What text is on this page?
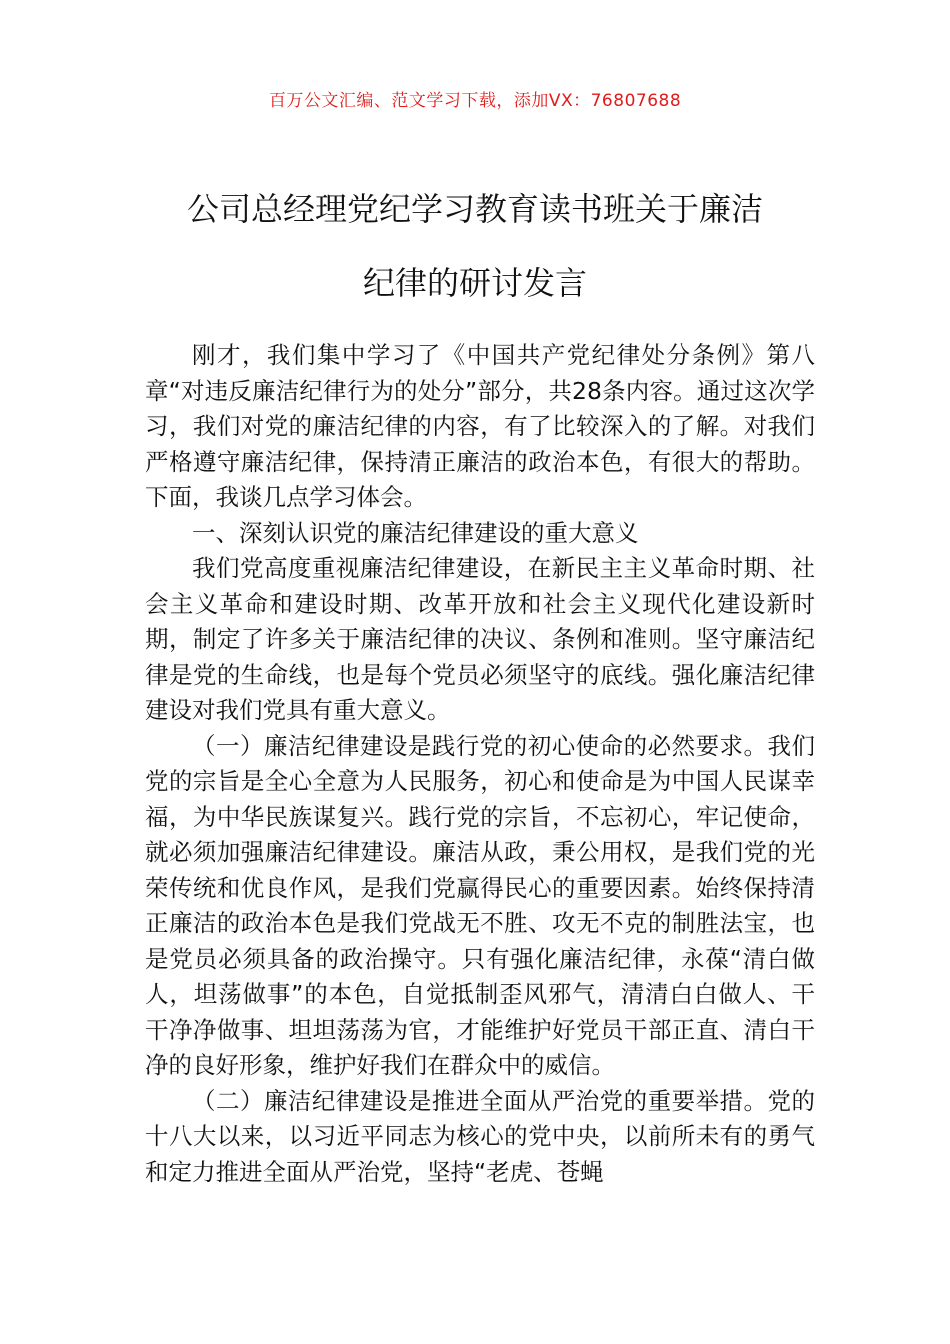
百万公文汇编、范文学习下载，添加VX：76807688
公司总经理党纪学习教育读书班关于廉洁
纪律的研讨发言

刚才，我们集中学习了《中国共产党纪律处分条例》第八章“对违反廉洁纪律行为的处分”部分，共28条内容。通过这次学习，我们对党的廉洁纪律的内容，有了比较深入的了解。对我们严格遵守廉洁纪律，保持清正廉洁的政治本色，有很大的帮助。下面，我谈几点学习体会。

一、深刻认识党的廉洁纪律建设的重大意义

我们党高度重视廉洁纪律建设，在新民主主义革命时期、社会主义革命和建设时期、改革开放和社会主义现代化建设新时期，制定了许多关于廉洁纪律的决议、条例和准则。坚守廉洁纪律是党的生命线，也是每个党员必须坚守的底线。强化廉洁纪律建设对我们党具有重大意义。

（一）廉洁纪律建设是践行党的初心使命的必然要求。我们党的宗旨是全心全意为人民服务，初心和使命是为中国人民谋幸福，为中华民族谋复兴。践行党的宗旨，不忘初心，牢记使命，就必须加强廉洁纪律建设。廉洁从政，秉公用权，是我们党的光荣传统和优良作风，是我们党赢得民心的重要因素。始终保持清正廉洁的政治本色是我们党战无不胜、攻无不克的制胜法宝，也是党员必须具备的政治操守。只有强化廉洁纪律，永葆“清白做人，坦荡做事”的本色，自觉抵制歪风邪气，清清白白做人、干干净净做事、坦坦荡荡为官，才能维护好党员干部正直、清白干净的良好形象，维护好我们在群众中的威信。

（二）廉洁纪律建设是推进全面从严治党的重要举措。党的十八大以来，以习近平同志为核心的党中央，以前所未有的勇气和定力推进全面从严治党，坚持“老虎、苍蝇
